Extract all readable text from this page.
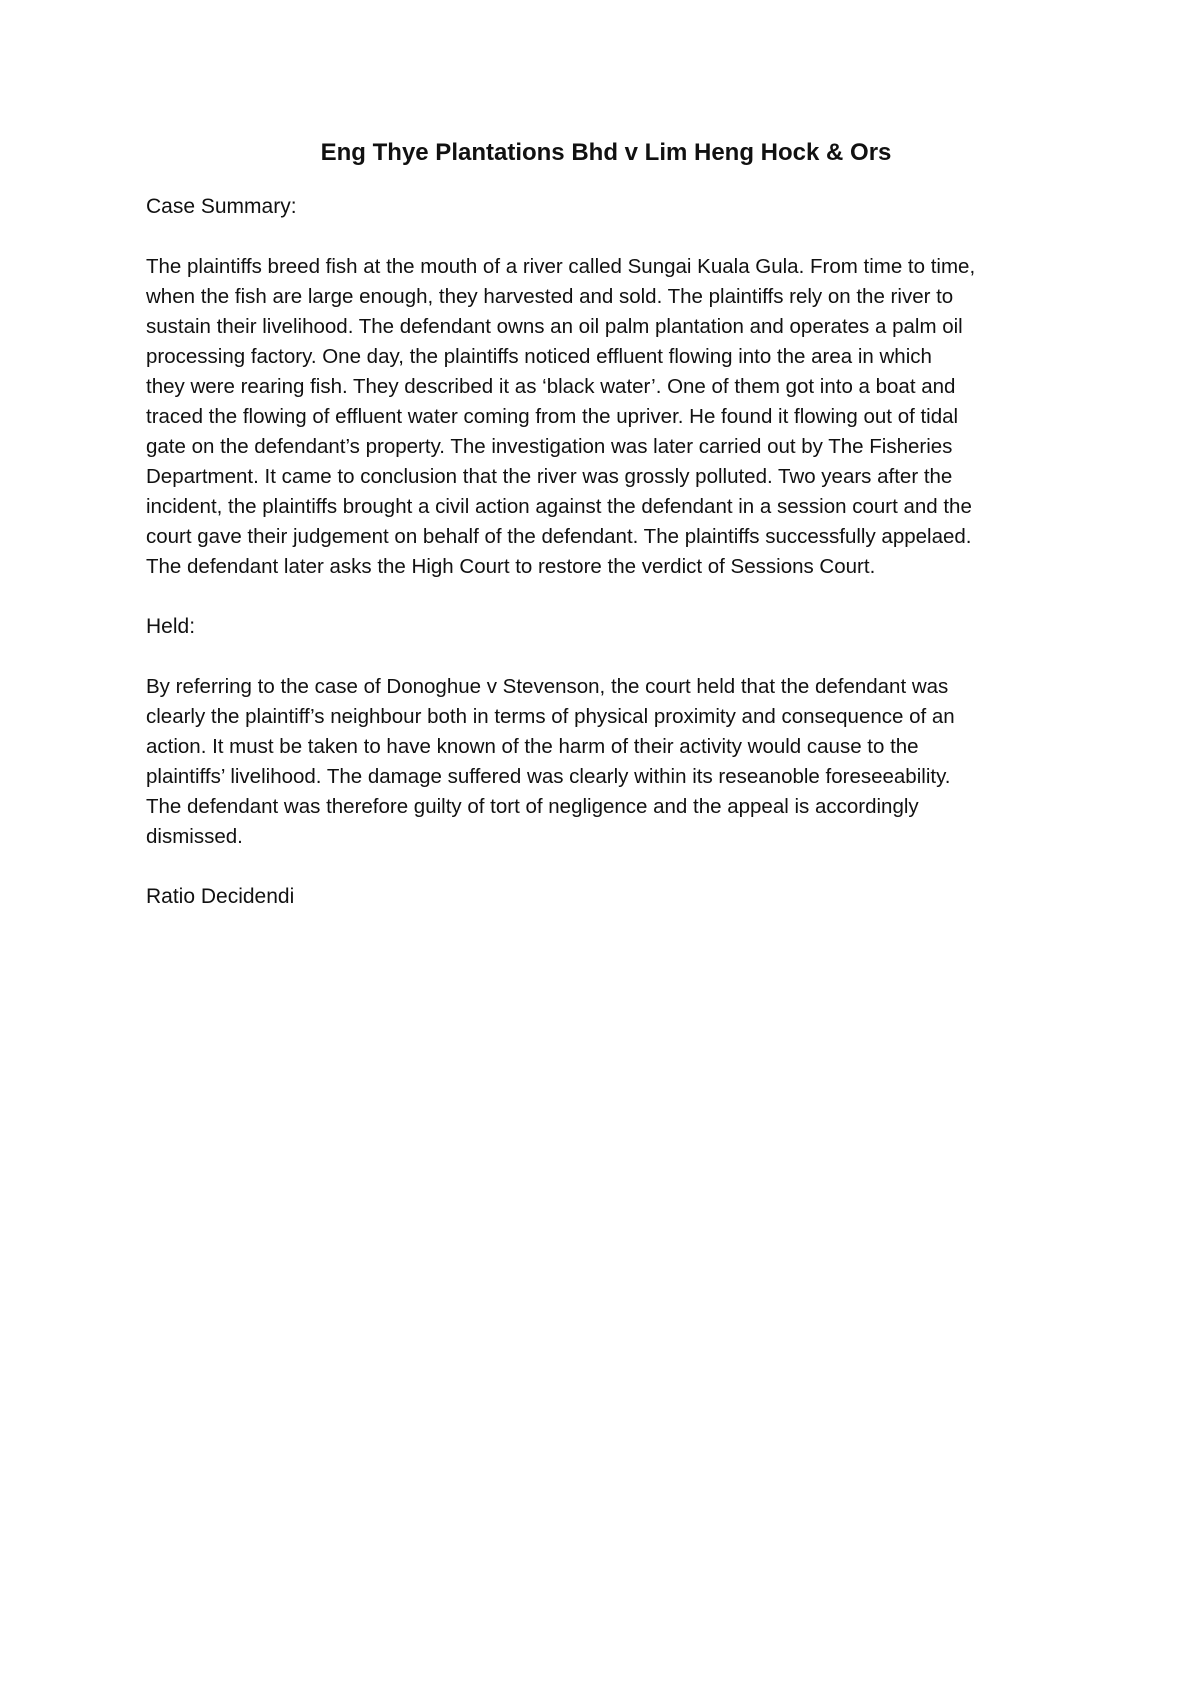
Eng Thye Plantations Bhd v Lim Heng Hock & Ors
Case Summary:
The plaintiffs breed fish at the mouth of a river called Sungai Kuala Gula. From time to time,
when the fish are large enough, they harvested and sold. The plaintiffs rely on the river to
sustain their livelihood. The defendant owns an oil palm plantation and operates a palm oil
processing factory. One day, the plaintiffs noticed effluent flowing into the area in which
they were rearing fish. They described it as ‘black water’. One of them got into a boat and
traced the flowing of effluent water coming from the upriver. He found it flowing out of tidal
gate on the defendant’s property. The investigation was later carried out by The Fisheries
Department. It came to conclusion that the river was grossly polluted. Two years after the
incident, the plaintiffs brought a civil action against the defendant in a session court and the
court gave their judgement on behalf of the defendant. The plaintiffs successfully appelaed.
The defendant later asks the High Court to restore the verdict of Sessions Court.
Held:
By referring to the case of Donoghue v Stevenson, the court held that the defendant was
clearly the plaintiff’s neighbour both in terms of physical proximity and consequence of an
action. It must be taken to have known of the harm of their activity would cause to the
plaintiffs’ livelihood. The damage suffered was clearly within its reseanoble foreseeability.
The defendant was therefore guilty of tort of negligence and the appeal is accordingly
dismissed.
Ratio Decidendi
